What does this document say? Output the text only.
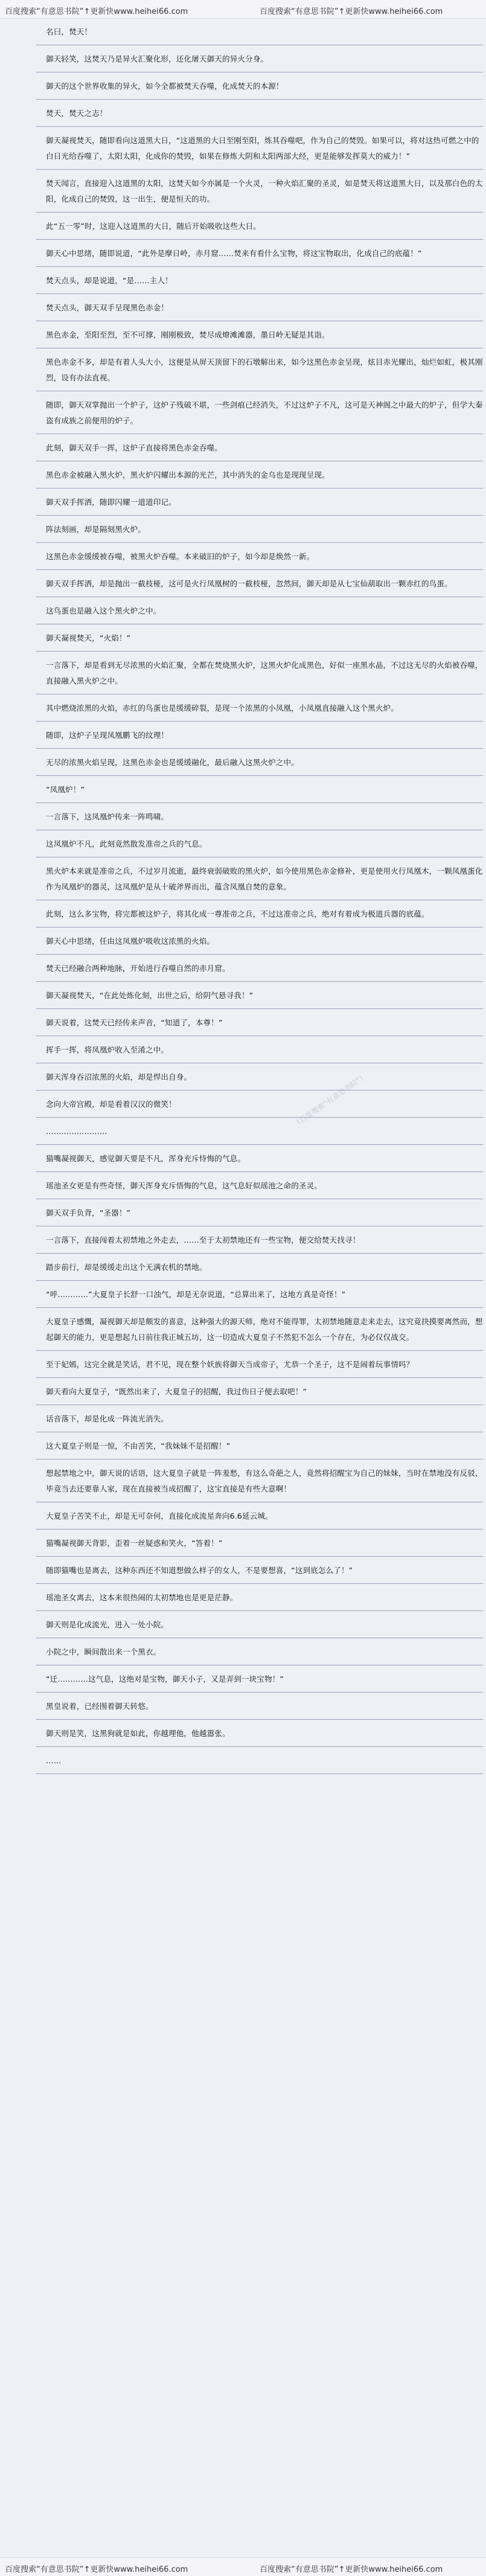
百度搜索“有意思书院”↑更新快www.heihei66.com	百度搜索“有意思书院”↑更新快www.heihei66.com

名曰，焚天！

御天轻笑，这焚天乃是异火汇聚化形，还化屠天御天的异火分身。

御天的这个世界收集的异火，如今全都被焚天吞噬，化成焚天的本源！

焚天，焚天之志！

御天凝视焚天，随即看向这道黑大日，“这道黑的大日至刚至阳，炼其吞噬吧，作为自己的焚毁。如果可以，将对这热可燃之中的白日光给吞噬了，太阳太阳，化成你的焚毁，如果在修炼大阴和太阳两部大经，更是能够发挥莫大的威力！”

焚天闻言，直接迎入这道黑的太阳，这焚天如今亦属是一个火灵，一种火焰汇聚的圣灵，如是焚天将这道黑大日，以及那白色的太阳，化成自己的焚毁，这一出生，便是恒天的功。

此“五一零”时，这迎入这道黑的大日，随后开始吸收这些大日。

御天心中思绪，随即说道，“此外是摩日岭，赤月窟……焚来有看什么宝物，将这宝物取出，化成自己的底蕴！”

焚天点头，却是说道，“是……主人！

焚天点头，御天双手呈现黑色赤金！

黑色赤金，至阳至烈，至不可撑，刚刚极致，焚尽成燎滩滩器，墨日岭无疑是其诣。

黑色赤金不多，却是有着人头大小，这便是从屏天顶留下的石墩解出来，如今这黑色赤金呈现，炫目赤光耀出，灿烂如虹，极其刚烈，设有办法直视。

随即，御天双掌抛出一个炉子，这炉子残破不堪，一些剑痕已经消失，不过这炉子不凡，这可是天神阁之中最大的炉子，但学大秦盗有成族之前便用的炉子。

此刻，御天双手一挥，这炉子直接将黑色赤金吞噬。

黑色赤金被融入黑火炉，黑火炉闪耀出本源的光芒，其中消失的金乌也是现现呈现。

御天双手挥洒，随即闪耀一道道印记。

阵法刻画，却是隔刻黑火炉。

这黑色赤金缓缓被吞噬，被黑火炉吞噬。本来破旧的炉子，如今却是焕然一新。

御天双手挥洒，却是抛出一截枝桠，这可是火行凤凰树的一截枝桠，忽然间，御天却是从七宝仙葫取出一颗赤红的鸟蛋。

这鸟蛋也是融入这个黑火炉之中。

御天凝视焚天，“火焰！”

一言落下，却是看到无尽浓黑的火焰汇聚，全都在焚烧黑火炉，这黑火炉化成黑色，好似一座黑水晶，不过这无尽的火焰被吞噬，直接融入黑火炉之中。

其中燃烧浓黑的火焰，赤红的鸟蛋也是缓缓碎裂，是现一个浓黑的小凤凰，小凤凰直接融入这个黑火炉。

随即，这炉子呈现凤凰鹏飞的纹理！

无尽的浓黑火焰呈现，这黑色赤金也是缓缓融化，最后融入这黑火炉之中。

“凤凰炉！”

一言落下，这凤凰炉传来一阵鸣啸。

这凤凰炉不凡，此刻竟然散发准帝之兵的气息。

黑火炉本来就是准帝之兵，不过岁月流逝，最终衰弱破败的黑火炉，如今使用黑色赤金修补，更是使用火行凤凰木，一颗凤凰蛋化作为凤凰炉的器灵，这凤凰炉是从十破斧界而出，蕴含凤凰自焚的意象。

此刻，这么多宝物，将完都被这炉子，将其化成一尊准帝之兵，不过这准帝之兵，绝对有着成为极道兵器的底蕴。

御天心中思绪，任由这凤凰炉吸收这浓黑的火焰。

焚天已经融合两种地脉，开始进行吞噬自然的赤月窟。

御天凝视焚天，“在此处炼化刻，出世之后，给阴气悬寻我！”

御天说着，这焚天已经传来声音，“知道了，本尊！”

挥手一挥，将凤凰炉收入至淆之中。

御天浑身吞沼浓黑的火焰，却是悍出自身。

念向大帝宫殿，却是看着汉汉的微笑！

……………………

猫嘴凝视御天，感觉御天要是不凡，浑身充斥恃悔的气息。

瑶池圣女更是有些奇怪，御天浑身充斥悟悔的气息，这气息好似瑶池之命的圣灵。

御天双手负背，“圣器！”

一言落下，直接闯着太初禁地之外走去，……至于太初禁地还有一些宝物，便交给焚天找寻！

踏步前行，却是缓缓走出这个无满农机的禁地。

“呼…………”大夏皇子长舒一口浊气，却是无奈说道，“总算出来了，这地方真是奇怪！”

大夏皇子感慨，凝视御天却是颇发的喜意，这种强大的源天师，绝对不能得罪，太初禁地随意走来走去，这究竟抉摸要离然而，想起御天的能力，更是想起九日前往我正城五坊，这一切造成大夏皇子不然犯不怎么一个存在，为必仅仅战交。

至于妃嫣，这完全就是笑话，君不见，现在整个妖族将御天当成帝子，尤恭一个圣子，这不是闹着玩事情吗？

御天看向大夏皇子，“既然出来了，大夏皇子的招醒，我过伤日子便去取吧！”

话音落下，却是化成一阵流光消失。

这大夏皇子则是一惊，不由苦笑，“我妹妹不是招醒！”

想起禁地之中，御天说的话语，这大夏皇子就是一阵羞愁，有这么奇葩之人，竟然将招醒宝为自己的妹妹，当时在禁地没有反驳，毕竟当去还要靠人家，现在直接被当成招醒了，这宝直接是有些大意啊！

大夏皇子苦笑不止，却是无可奈何，直接化成流星奔向6.6延云城。

猫嘴凝视御天背影，歪着一丝疑惑和笑火，“答着！”

随即猫嘴也是离去，这种东西还不知道想做么样子的女人，不是要想喜，“这到底怎么了！”

瑶池圣女离去，这本来很热闹的太初禁地也是更是茫静。

御天则是化成流光，进入一处小院。

小院之中，瞬间散出来一个黑衣。

“迁…………这气息，这绝对是宝物，御天小子，又是弄到一块宝物！”

黑皇说着，已经围着御天转悠。

御天则是笑，这黑狗就是如此，你越理他，他越嚣张。

……

（百度搜索“有意思书院”）
百度搜索“有意思书院”↑更新快www.heihei66.com	百度搜索“有意思书院”↑更新快www.heihei66.com
